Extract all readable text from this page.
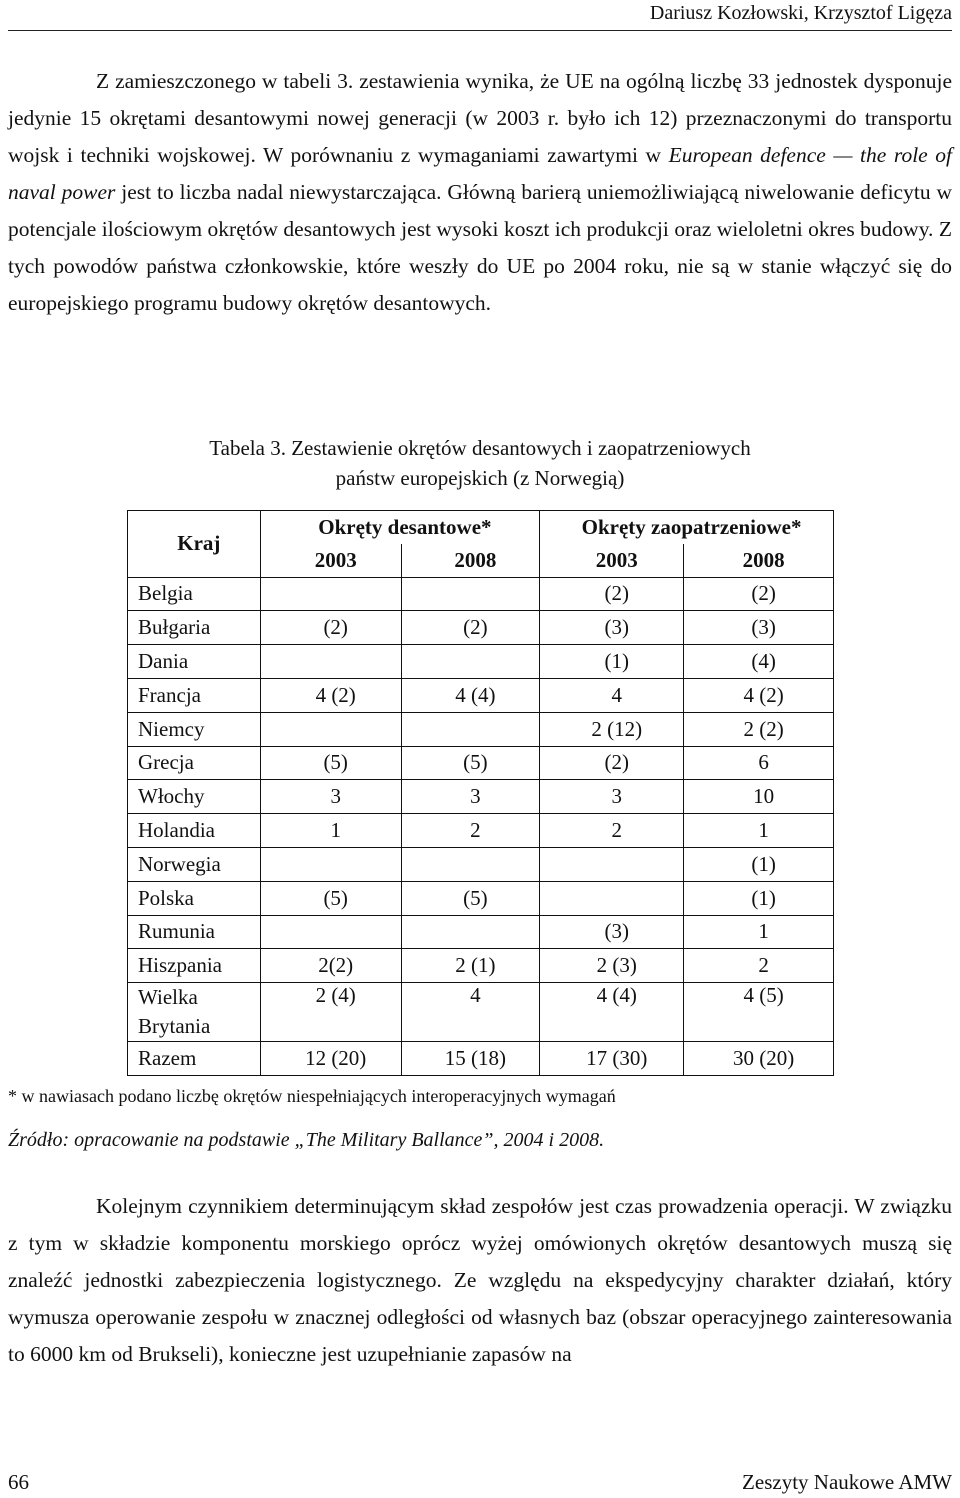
Dariusz Kozłowski, Krzysztof Ligęza

Z zamieszczonego w tabeli 3. zestawienia wynika, że UE na ogólną liczbę 33 jednostek dysponuje jedynie 15 okrętami desantowymi nowej generacji (w 2003 r. było ich 12) przeznaczonymi do transportu wojsk i techniki wojskowej. W porównaniu z wymaganiami zawartymi w European defence — the role of naval power jest to liczba nadal niewystarczająca. Główną barierą uniemożliwiającą niwelowanie deficytu w potencjale ilościowym okrętów desantowych jest wysoki koszt ich produkcji oraz wieloletni okres budowy. Z tych powodów państwa członkowskie, które weszły do UE po 2004 roku, nie są w stanie włączyć się do europejskiego programu budowy okrętów desantowych.

Tabela 3. Zestawienie okrętów desantowych i zaopatrzeniowych
państw europejskich (z Norwegią)
Kraj	Okręty desantowe*		Okręty zaopatrzeniowe*	
	2003	2008	2003	2008
Belgia			(2)	(2)
Bułgaria	(2)	(2)	(3)	(3)
Dania			(1)	(4)
Francja	4 (2)	4 (4)	4	4 (2)
Niemcy			2 (12)	2 (2)
Grecja	(5)	(5)	(2)	6
Włochy	3	3	3	10
Holandia	1	2	2	1
Norwegia				(1)
Polska	(5)	(5)		(1)
Rumunia			(3)	1
Hiszpania	2(2)	2 (1)	2 (3)	2
Wielka Brytania	2 (4)	4	4 (4)	4 (5)
Razem	12 (20)	15 (18)	17 (30)	30 (20)
* w nawiasach podano liczbę okrętów niespełniających interoperacyjnych wymagań
Źródło: opracowanie na podstawie „The Military Ballance”, 2004 i 2008.

Kolejnym czynnikiem determinującym skład zespołów jest czas prowadzenia operacji. W związku z tym w składzie komponentu morskiego oprócz wyżej omówionych okrętów desantowych muszą się znaleźć jednostki zabezpieczenia logistycznego. Ze względu na ekspedycyjny charakter działań, który wymusza operowanie zespołu w znacznej odległości od własnych baz (obszar operacyjnego zainteresowania to 6000 km od Brukseli), konieczne jest uzupełnianie zapasów na

66	Zeszyty Naukowe AMW
